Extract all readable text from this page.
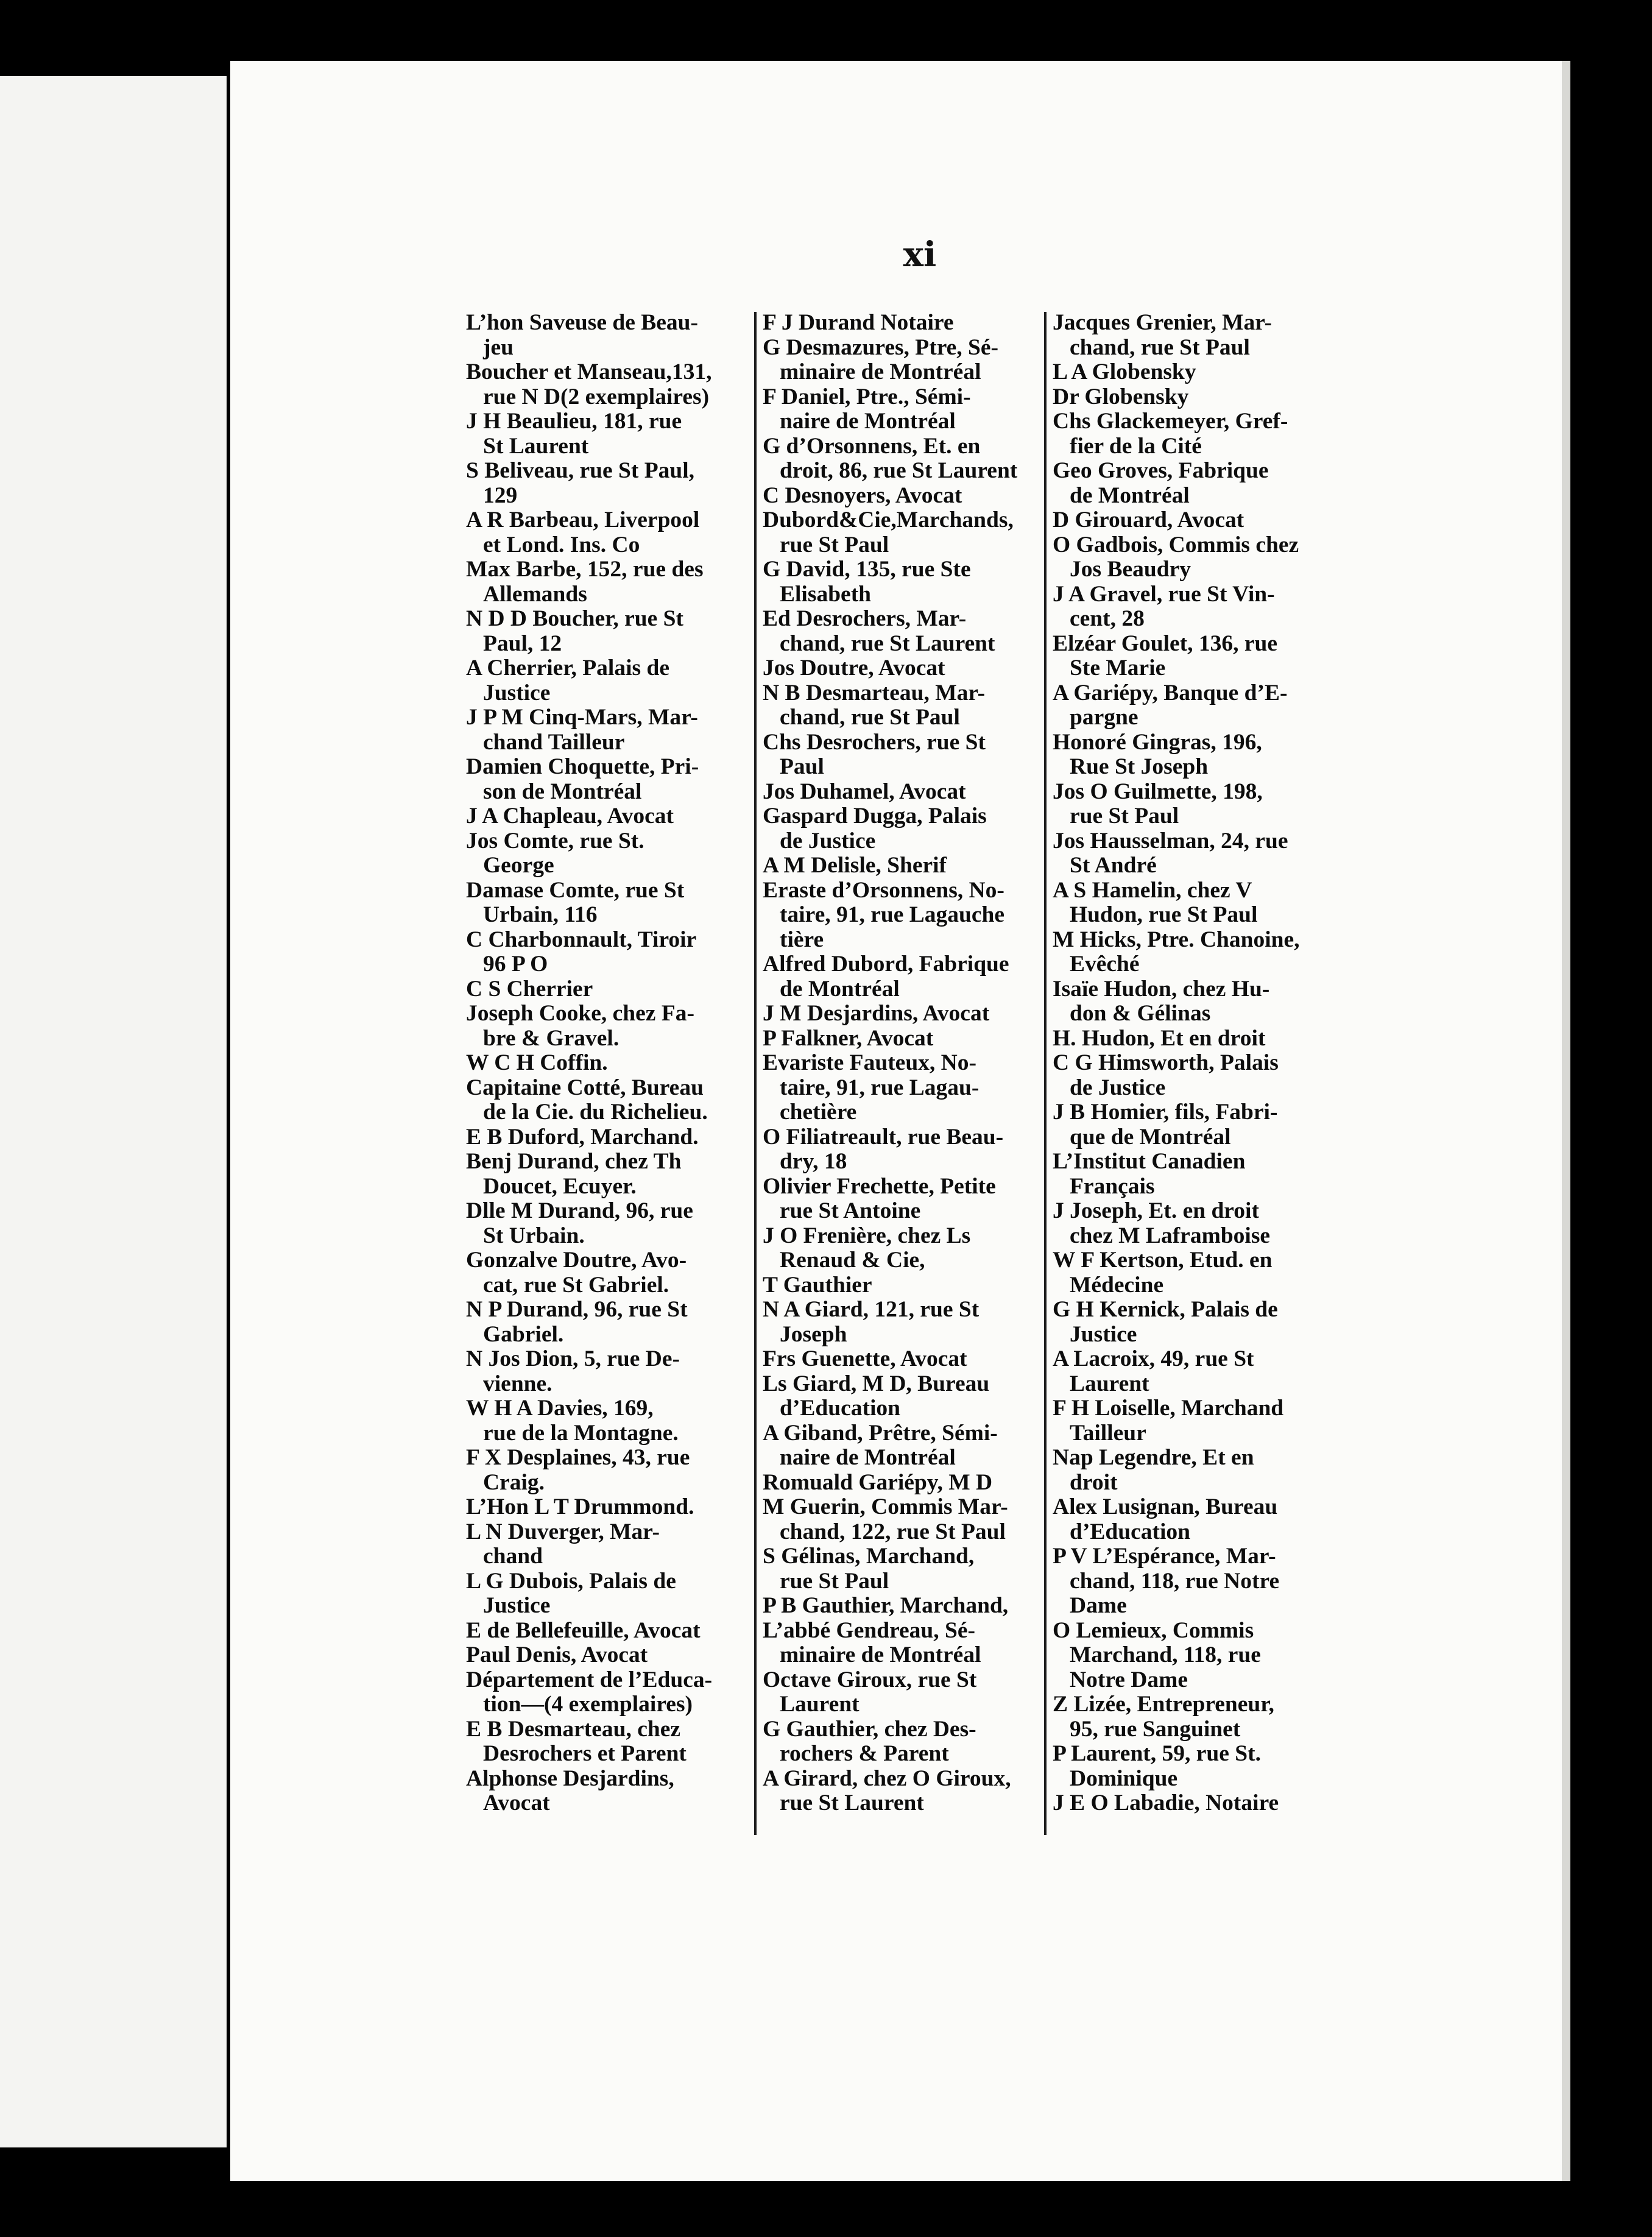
xi
L’hon Saveuse de Beau-
jeu
Boucher et Manseau,131,
rue N D(2 exemplaires)
J H Beaulieu, 181, rue
St Laurent
S Beliveau, rue St Paul,
129
A R Barbeau, Liverpool
et Lond. Ins. Co
Max Barbe, 152, rue des
Allemands
N D D Boucher, rue St
Paul, 12
A Cherrier, Palais de
Justice
J P M Cinq-Mars, Mar-
chand Tailleur
Damien Choquette, Pri-
son de Montréal
J A Chapleau, Avocat
Jos Comte, rue St.
George
Damase Comte, rue St
Urbain, 116
C Charbonnault, Tiroir
96 P O
C S Cherrier
Joseph Cooke, chez Fa-
bre & Gravel.
W C H Coffin.
Capitaine Cotté, Bureau
de la Cie. du Richelieu.
E B Duford, Marchand.
Benj Durand, chez Th
Doucet, Ecuyer.
Dlle M Durand, 96, rue
St Urbain.
Gonzalve Doutre, Avo-
cat, rue St Gabriel.
N P Durand, 96, rue St
Gabriel.
N Jos Dion, 5, rue De-
vienne.
W H A Davies, 169,
rue de la Montagne.
F X Desplaines, 43, rue
Craig.
L’Hon L T Drummond.
L N Duverger, Mar-
chand
L G Dubois, Palais de
Justice
E de Bellefeuille, Avocat
Paul Denis, Avocat
Département de l’Educa-
tion—(4 exemplaires)
E B Desmarteau, chez
Desrochers et Parent
Alphonse Desjardins,
Avocat
F J Durand Notaire
G Desmazures, Ptre, Sé-
minaire de Montréal
F Daniel, Ptre., Sémi-
naire de Montréal
G d’Orsonnens, Et. en
droit, 86, rue St Laurent
C Desnoyers, Avocat
Dubord&Cie,Marchands,
rue St Paul
G David, 135, rue Ste
Elisabeth
Ed Desrochers, Mar-
chand, rue St Laurent
Jos Doutre, Avocat
N B Desmarteau, Mar-
chand, rue St Paul
Chs Desrochers, rue St
Paul
Jos Duhamel, Avocat
Gaspard Dugga, Palais
de Justice
A M Delisle, Sherif
Eraste d’Orsonnens, No-
taire, 91, rue Lagauche
tière
Alfred Dubord, Fabrique
de Montréal
J M Desjardins, Avocat
P Falkner, Avocat
Evariste Fauteux, No-
taire, 91, rue Lagau-
chetière
O Filiatreault, rue Beau-
dry, 18
Olivier Frechette, Petite
rue St Antoine
J O Frenière, chez Ls
Renaud & Cie,
T Gauthier
N A Giard, 121, rue St
Joseph
Frs Guenette, Avocat
Ls Giard, M D, Bureau
d’Education
A Giband, Prêtre, Sémi-
naire de Montréal
Romuald Gariépy, M D
M Guerin, Commis Mar-
chand, 122, rue St Paul
S Gélinas, Marchand,
rue St Paul
P B Gauthier, Marchand,
L’abbé Gendreau, Sé-
minaire de Montréal
Octave Giroux, rue St
Laurent
G Gauthier, chez Des-
rochers & Parent
A Girard, chez O Giroux,
rue St Laurent
Jacques Grenier, Mar-
chand, rue St Paul
L A Globensky
Dr Globensky
Chs Glackemeyer, Gref-
fier de la Cité
Geo Groves, Fabrique
de Montréal
D Girouard, Avocat
O Gadbois, Commis chez
Jos Beaudry
J A Gravel, rue St Vin-
cent, 28
Elzéar Goulet, 136, rue
Ste Marie
A Gariépy, Banque d’E-
pargne
Honoré Gingras, 196,
Rue St Joseph
Jos O Guilmette, 198,
rue St Paul
Jos Hausselman, 24, rue
St André
A S Hamelin, chez V
Hudon, rue St Paul
M Hicks, Ptre. Chanoine,
Evêché
Isaïe Hudon, chez Hu-
don & Gélinas
H. Hudon, Et en droit
C G Himsworth, Palais
de Justice
J B Homier, fils, Fabri-
que de Montréal
L’Institut Canadien
Français
J Joseph, Et. en droit
chez M Laframboise
W F Kertson, Etud. en
Médecine
G H Kernick, Palais de
Justice
A Lacroix, 49, rue St
Laurent
F H Loiselle, Marchand
Tailleur
Nap Legendre, Et en
droit
Alex Lusignan, Bureau
d’Education
P V L’Espérance, Mar-
chand, 118, rue Notre
Dame
O Lemieux, Commis
Marchand, 118, rue
Notre Dame
Z Lizée, Entrepreneur,
95, rue Sanguinet
P Laurent, 59, rue St.
Dominique
J E O Labadie, Notaire
